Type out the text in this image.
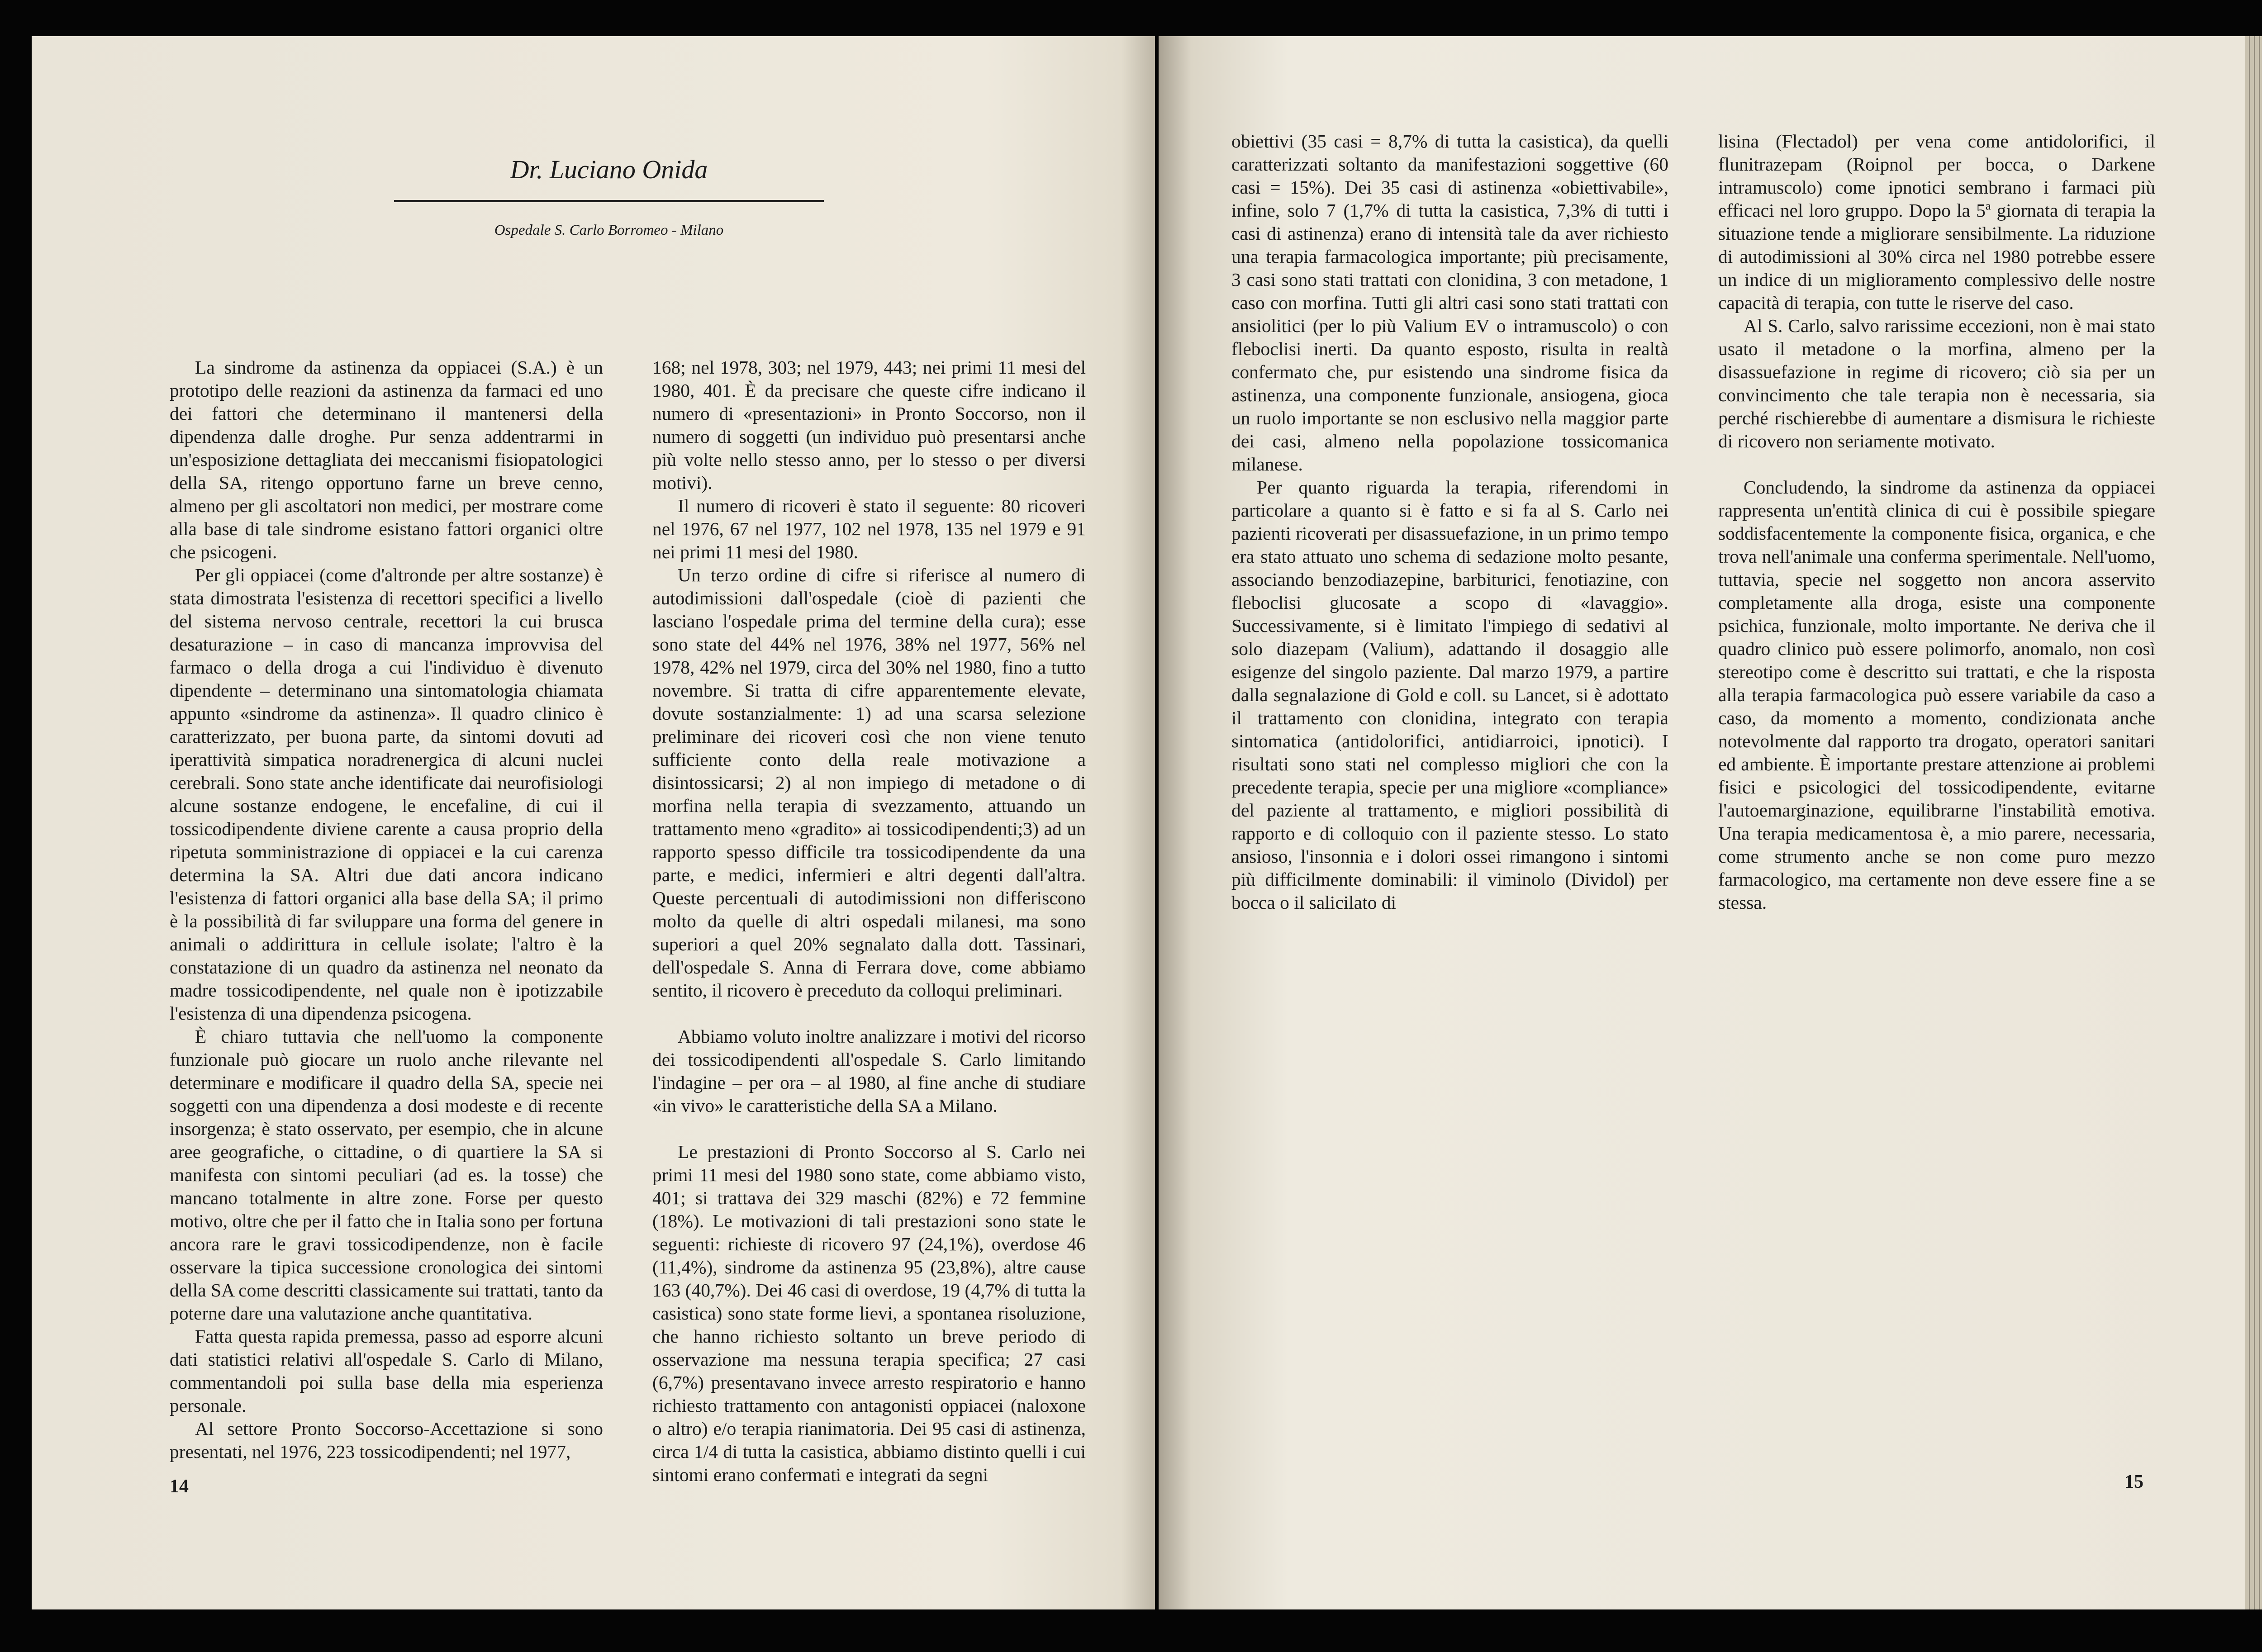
Dr. Luciano Onida
Ospedale S. Carlo Borromeo - Milano

La sindrome da astinenza da oppiacei (S.A.) è un prototipo delle reazioni da astinenza da farmaci ed uno dei fattori che determinano il mantenersi della dipendenza dalle droghe. Pur senza addentrarmi in un'esposizione dettagliata dei meccanismi fisiopatologici della SA, ritengo opportuno farne un breve cenno, almeno per gli ascoltatori non medici, per mostrare come alla base di tale sindrome esistano fattori organici oltre che psicogeni.

Per gli oppiacei (come d'altronde per altre sostanze) è stata dimostrata l'esistenza di recettori specifici a livello del sistema nervoso centrale, recettori la cui brusca desaturazione – in caso di mancanza improvvisa del farmaco o della droga a cui l'individuo è divenuto dipendente – determinano una sintomatologia chiamata appunto «sindrome da astinenza». Il quadro clinico è caratterizzato, per buona parte, da sintomi dovuti ad iperattività simpatica noradrenergica di alcuni nuclei cerebrali. Sono state anche identificate dai neurofisiologi alcune sostanze endogene, le encefaline, di cui il tossicodipendente diviene carente a causa proprio della ripetuta somministrazione di oppiacei e la cui carenza determina la SA. Altri due dati ancora indicano l'esistenza di fattori organici alla base della SA; il primo è la possibilità di far sviluppare una forma del genere in animali o addirittura in cellule isolate; l'altro è la constatazione di un quadro da astinenza nel neonato da madre tossicodipendente, nel quale non è ipotizzabile l'esistenza di una dipendenza psicogena.

È chiaro tuttavia che nell'uomo la componente funzionale può giocare un ruolo anche rilevante nel determinare e modificare il quadro della SA, specie nei soggetti con una dipendenza a dosi modeste e di recente insorgenza; è stato osservato, per esempio, che in alcune aree geografiche, o cittadine, o di quartiere la SA si manifesta con sintomi peculiari (ad es. la tosse) che mancano totalmente in altre zone. Forse per questo motivo, oltre che per il fatto che in Italia sono per fortuna ancora rare le gravi tossicodipendenze, non è facile osservare la tipica successione cronologica dei sintomi della SA come descritti classicamente sui trattati, tanto da poterne dare una valutazione anche quantitativa.

Fatta questa rapida premessa, passo ad esporre alcuni dati statistici relativi all'ospedale S. Carlo di Milano, commentandoli poi sulla base della mia esperienza personale.

Al settore Pronto Soccorso-Accettazione si sono presentati, nel 1976, 223 tossicodipendenti; nel 1977,

168; nel 1978, 303; nel 1979, 443; nei primi 11 mesi del 1980, 401. È da precisare che queste cifre indicano il numero di «presentazioni» in Pronto Soccorso, non il numero di soggetti (un individuo può presentarsi anche più volte nello stesso anno, per lo stesso o per diversi motivi).

Il numero di ricoveri è stato il seguente: 80 ricoveri nel 1976, 67 nel 1977, 102 nel 1978, 135 nel 1979 e 91 nei primi 11 mesi del 1980.

Un terzo ordine di cifre si riferisce al numero di autodimissioni dall'ospedale (cioè di pazienti che lasciano l'ospedale prima del termine della cura); esse sono state del 44% nel 1976, 38% nel 1977, 56% nel 1978, 42% nel 1979, circa del 30% nel 1980, fino a tutto novembre. Si tratta di cifre apparentemente elevate, dovute sostanzialmente: 1) ad una scarsa selezione preliminare dei ricoveri così che non viene tenuto sufficiente conto della reale motivazione a disintossicarsi; 2) al non impiego di metadone o di morfina nella terapia di svezzamento, attuando un trattamento meno «gradito» ai tossicodipendenti;3) ad un rapporto spesso difficile tra tossicodipendente da una parte, e medici, infermieri e altri degenti dall'altra. Queste percentuali di autodimissioni non differiscono molto da quelle di altri ospedali milanesi, ma sono superiori a quel 20% segnalato dalla dott. Tassinari, dell'ospedale S. Anna di Ferrara dove, come abbiamo sentito, il ricovero è preceduto da colloqui preliminari.

Abbiamo voluto inoltre analizzare i motivi del ricorso dei tossicodipendenti all'ospedale S. Carlo limitando l'indagine – per ora – al 1980, al fine anche di studiare «in vivo» le caratteristiche della SA a Milano.

Le prestazioni di Pronto Soccorso al S. Carlo nei primi 11 mesi del 1980 sono state, come abbiamo visto, 401; si trattava dei 329 maschi (82%) e 72 femmine (18%). Le motivazioni di tali prestazioni sono state le seguenti: richieste di ricovero 97 (24,1%), overdose 46 (11,4%), sindrome da astinenza 95 (23,8%), altre cause 163 (40,7%). Dei 46 casi di overdose, 19 (4,7% di tutta la casistica) sono state forme lievi, a spontanea risoluzione, che hanno richiesto soltanto un breve periodo di osservazione ma nessuna terapia specifica; 27 casi (6,7%) presentavano invece arresto respiratorio e hanno richiesto trattamento con antagonisti oppiacei (naloxone o altro) e/o terapia rianimatoria. Dei 95 casi di astinenza, circa 1/4 di tutta la casistica, abbiamo distinto quelli i cui sintomi erano confermati e integrati da segni

obiettivi (35 casi = 8,7% di tutta la casistica), da quelli caratterizzati soltanto da manifestazioni soggettive (60 casi = 15%). Dei 35 casi di astinenza «obiettivabile», infine, solo 7 (1,7% di tutta la casistica, 7,3% di tutti i casi di astinenza) erano di intensità tale da aver richiesto una terapia farmacologica importante; più precisamente, 3 casi sono stati trattati con clonidina, 3 con metadone, 1 caso con morfina. Tutti gli altri casi sono stati trattati con ansiolitici (per lo più Valium EV o intramuscolo) o con fleboclisi inerti. Da quanto esposto, risulta in realtà confermato che, pur esistendo una sindrome fisica da astinenza, una componente funzionale, ansiogena, gioca un ruolo importante se non esclusivo nella maggior parte dei casi, almeno nella popolazione tossicomanica milanese.

Per quanto riguarda la terapia, riferendomi in particolare a quanto si è fatto e si fa al S. Carlo nei pazienti ricoverati per disassuefazione, in un primo tempo era stato attuato uno schema di sedazione molto pesante, associando benzodiazepine, barbiturici, fenotiazine, con fleboclisi glucosate a scopo di «lavaggio». Successivamente, si è limitato l'impiego di sedativi al solo diazepam (Valium), adattando il dosaggio alle esigenze del singolo paziente. Dal marzo 1979, a partire dalla segnalazione di Gold e coll. su Lancet, si è adottato il trattamento con clonidina, integrato con terapia sintomatica (antidolorifici, antidiarroici, ipnotici). I risultati sono stati nel complesso migliori che con la precedente terapia, specie per una migliore «compliance» del paziente al trattamento, e migliori possibilità di rapporto e di colloquio con il paziente stesso. Lo stato ansioso, l'insonnia e i dolori ossei rimangono i sintomi più difficilmente dominabili: il viminolo (Dividol) per bocca o il salicilato di

lisina (Flectadol) per vena come antidolorifici, il flunitrazepam (Roipnol per bocca, o Darkene intramuscolo) come ipnotici sembrano i farmaci più efficaci nel loro gruppo. Dopo la 5ª giornata di terapia la situazione tende a migliorare sensibilmente. La riduzione di autodimissioni al 30% circa nel 1980 potrebbe essere un indice di un miglioramento complessivo delle nostre capacità di terapia, con tutte le riserve del caso.

Al S. Carlo, salvo rarissime eccezioni, non è mai stato usato il metadone o la morfina, almeno per la disassuefazione in regime di ricovero; ciò sia per un convincimento che tale terapia non è necessaria, sia perché rischierebbe di aumentare a dismisura le richieste di ricovero non seriamente motivato.

Concludendo, la sindrome da astinenza da oppiacei rappresenta un'entità clinica di cui è possibile spiegare soddisfacentemente la componente fisica, organica, e che trova nell'animale una conferma sperimentale. Nell'uomo, tuttavia, specie nel soggetto non ancora asservito completamente alla droga, esiste una componente psichica, funzionale, molto importante. Ne deriva che il quadro clinico può essere polimorfo, anomalo, non così stereotipo come è descritto sui trattati, e che la risposta alla terapia farmacologica può essere variabile da caso a caso, da momento a momento, condizionata anche notevolmente dal rapporto tra drogato, operatori sanitari ed ambiente. È importante prestare attenzione ai problemi fisici e psicologici del tossicodipendente, evitarne l'autoemarginazione, equilibrarne l'instabilità emotiva. Una terapia medicamentosa è, a mio parere, necessaria, come strumento anche se non come puro mezzo farmacologico, ma certamente non deve essere fine a se stessa.

14	15
